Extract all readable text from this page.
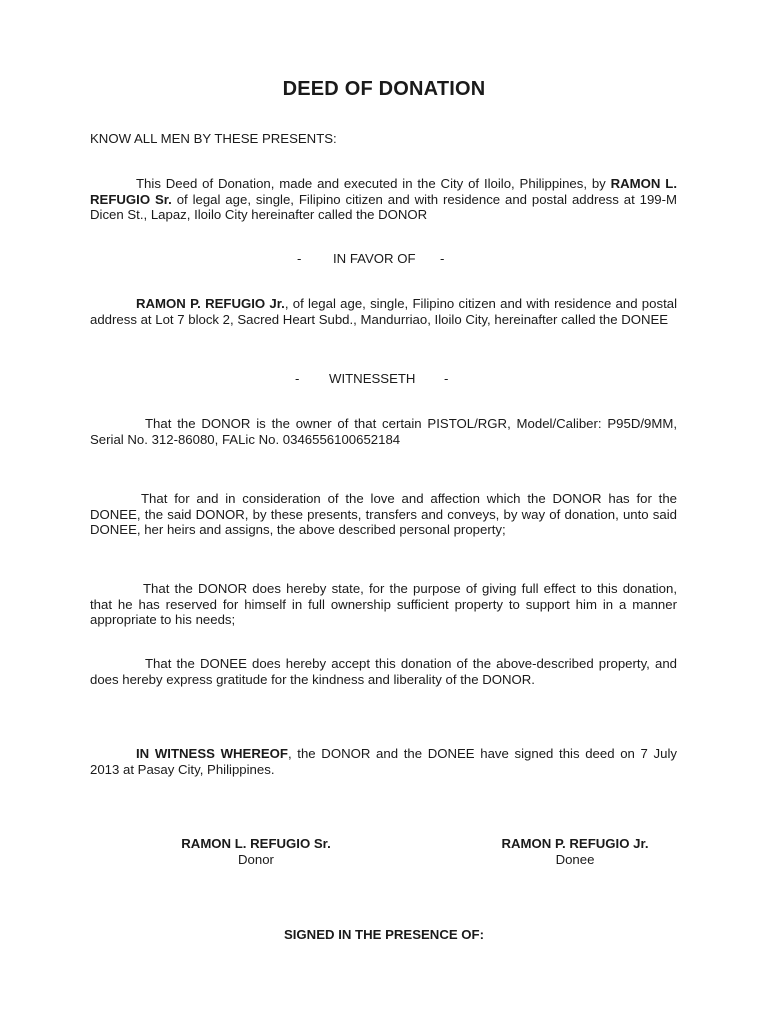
DEED OF DONATION

KNOW ALL MEN BY THESE PRESENTS:

This Deed of Donation, made and executed in the City of Iloilo, Philippines, by RAMON L. REFUGIO Sr. of legal age, single, Filipino citizen and with residence and postal address at 199-M Dicen St., Lapaz, Iloilo City hereinafter called the DONOR

- IN FAVOR OF -

RAMON P. REFUGIO Jr., of legal age, single, Filipino citizen and with residence and postal address at Lot 7 block 2, Sacred Heart Subd., Mandurriao, Iloilo City, hereinafter called the DONEE

- WITNESSETH -

That the DONOR is the owner of that certain PISTOL/RGR, Model/Caliber: P95D/9MM, Serial No. 312-86080, FALic No. 0346556100652184

That for and in consideration of the love and affection which the DONOR has for the DONEE, the said DONOR, by these presents, transfers and conveys, by way of donation, unto said DONEE, her heirs and assigns, the above described personal property;

That the DONOR does hereby state, for the purpose of giving full effect to this donation, that he has reserved for himself in full ownership sufficient property to support him in a manner appropriate to his needs;

That the DONEE does hereby accept this donation of the above-described property, and does hereby express gratitude for the kindness and liberality of the DONOR.

IN WITNESS WHEREOF, the DONOR and the DONEE have signed this deed on 7 July 2013 at Pasay City, Philippines.

RAMON L. REFUGIO Sr.
Donor
RAMON P. REFUGIO Jr.
Donee
SIGNED IN THE PRESENCE OF:
